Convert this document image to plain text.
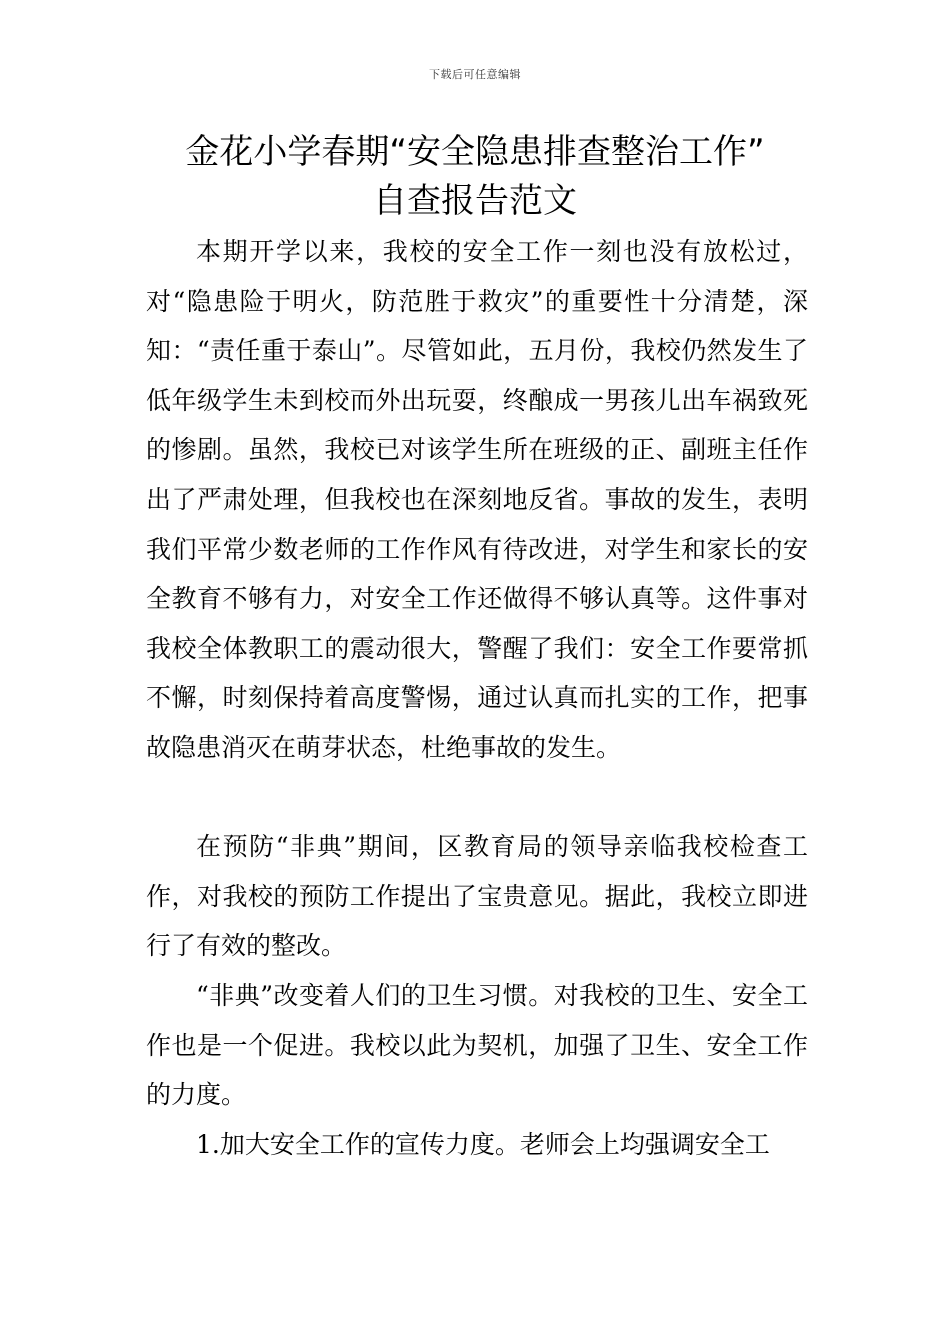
下载后可任意编辑
金花小学春期“安全隐患排查整治工作”
自查报告范文

本期开学以来，我校的安全工作一刻也没有放松过，对“隐患险于明火，防范胜于救灾”的重要性十分清楚，深知：“责任重于泰山”。尽管如此，五月份，我校仍然发生了低年级学生未到校而外出玩耍，终酿成一男孩儿出车祸致死的惨剧。虽然，我校已对该学生所在班级的正、副班主任作出了严肃处理，但我校也在深刻地反省。事故的发生，表明我们平常少数老师的工作作风有待改进，对学生和家长的安全教育不够有力，对安全工作还做得不够认真等。这件事对我校全体教职工的震动很大，警醒了我们：安全工作要常抓不懈，时刻保持着高度警惕，通过认真而扎实的工作，把事故隐患消灭在萌芽状态，杜绝事故的发生。

在预防“非典”期间，区教育局的领导亲临我校检查工作，对我校的预防工作提出了宝贵意见。据此，我校立即进行了有效的整改。

“非典”改变着人们的卫生习惯。对我校的卫生、安全工作也是一个促进。我校以此为契机，加强了卫生、安全工作的力度。

1.加大安全工作的宣传力度。老师会上均强调安全工
